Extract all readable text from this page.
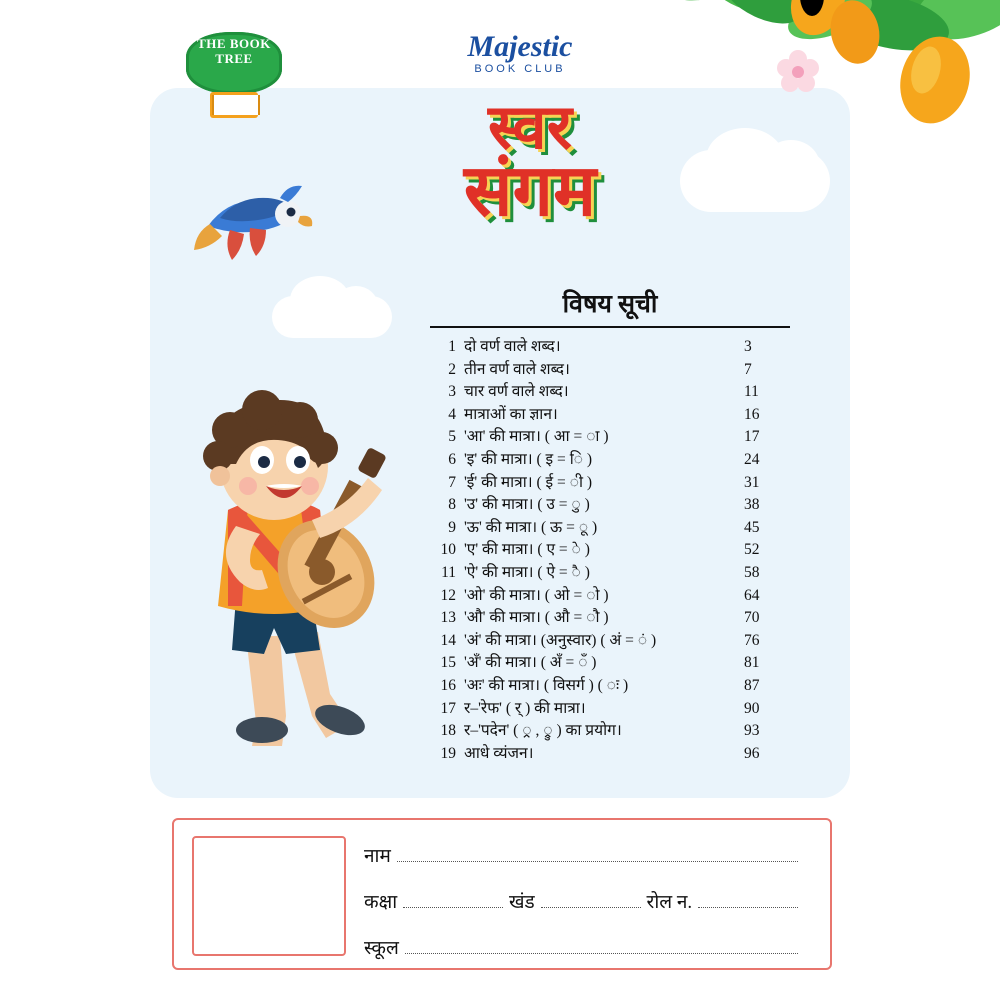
THE BOOK TREE	Majestic
BOOK CLUB
स्वर
संगम
विषय सूची
1 दो वर्ण वाले शब्द।	3
2 तीन वर्ण वाले शब्द।	7
3 चार वर्ण वाले शब्द।	11
4 मात्राओं का ज्ञान।	16
5 'आ' की मात्रा। ( आ = ा )	17
6 'इ' की मात्रा। ( इ = ि )	24
7 'ई' की मात्रा। ( ई = ी )	31
8 'उ' की मात्रा। ( उ = ु )	38
9 'ऊ' की मात्रा। ( ऊ = ू )	45
10 'ए' की मात्रा। ( ए = े )	52
11 'ऐ' की मात्रा। ( ऐ = ै )	58
12 'ओ' की मात्रा। ( ओ = ो )	64
13 'औ' की मात्रा। ( औ = ौ )	70
14 'अं' की मात्रा। (अनुस्वार) ( अं = ं )	76
15 'अँ' की मात्रा। ( अँ = ँ )	81
16 'अः' की मात्रा। ( विसर्ग ) ( ः )	87
17 र–'रेफ' ( र् ) की मात्रा।	90
18 र–'पदेन' ( ्र , ्रु ) का प्रयोग।	93
19 आधे व्यंजन।	96
नाम
कक्षा	खंड	रोल न.
स्कूल
